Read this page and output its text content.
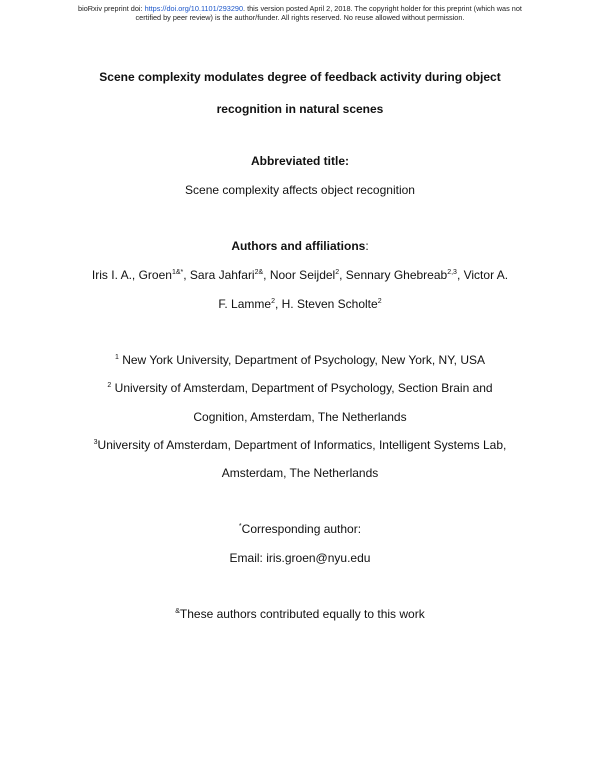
bioRxiv preprint doi: https://doi.org/10.1101/293290. this version posted April 2, 2018. The copyright holder for this preprint (which was not
certified by peer review) is the author/funder. All rights reserved. No reuse allowed without permission.
Scene complexity modulates degree of feedback activity during object
recognition in natural scenes
Abbreviated title:
Scene complexity affects object recognition
Authors and affiliations:
Iris I. A., Groen$^{1\&*}$, Sara Jahfari$^{2\&}$, Noor Seijdel$^2$, Sennary Ghebreab$^{2,3}$, Victor A.
F. Lamme$^2$, H. Steven Scholte$^2$
$^1$ New York University, Department of Psychology, New York, NY, USA
$^2$ University of Amsterdam, Department of Psychology, Section Brain and
Cognition, Amsterdam, The Netherlands
$^3$University of Amsterdam, Department of Informatics, Intelligent Systems Lab,
Amsterdam, The Netherlands
*Corresponding author:
Email: iris.groen@nyu.edu
&These authors contributed equally to this work
